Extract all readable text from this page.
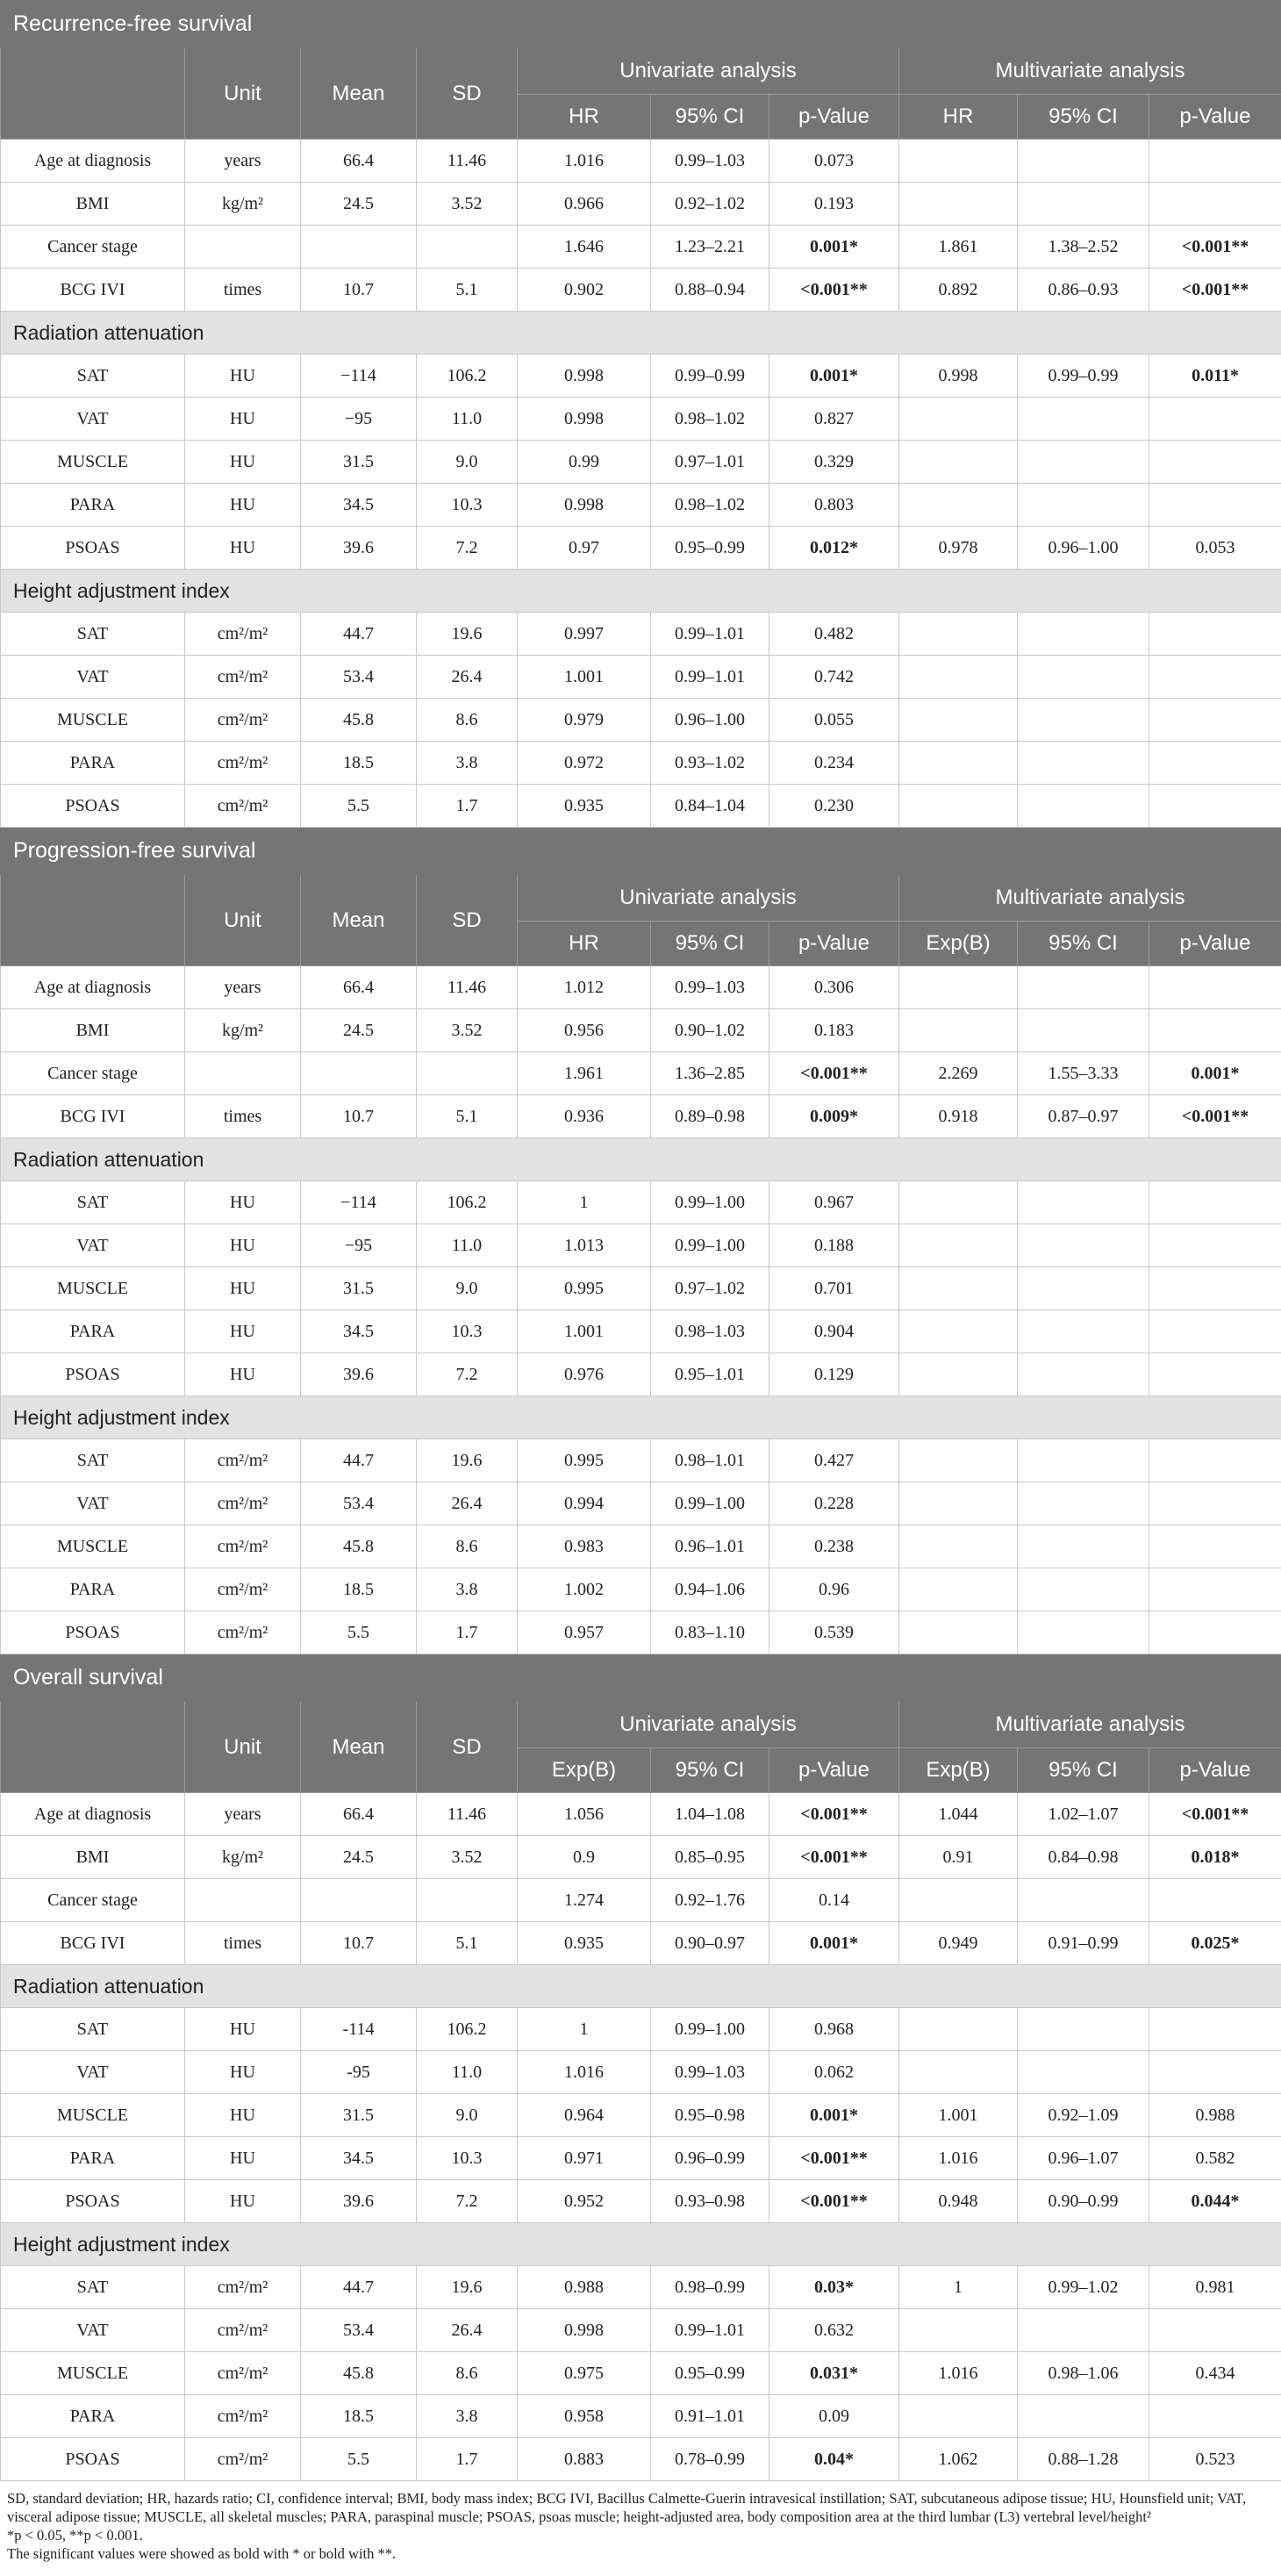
Recurrence-free survival									
	Unit	Mean	SD	Univariate analysis			Multivariate analysis		
				HR	95% CI	p-Value	HR	95% CI	p-Value
Age at diagnosis	years	66.4	11.46	1.016	0.99–1.03	0.073			
BMI	kg/m²	24.5	3.52	0.966	0.92–1.02	0.193			
Cancer stage				1.646	1.23–2.21	0.001*	1.861	1.38–2.52	<0.001**
BCG IVI	times	10.7	5.1	0.902	0.88–0.94	<0.001**	0.892	0.86–0.93	<0.001**
Radiation attenuation									
SAT	HU	−114	106.2	0.998	0.99–0.99	0.001*	0.998	0.99–0.99	0.011*
VAT	HU	−95	11.0	0.998	0.98–1.02	0.827			
MUSCLE	HU	31.5	9.0	0.99	0.97–1.01	0.329			
PARA	HU	34.5	10.3	0.998	0.98–1.02	0.803			
PSOAS	HU	39.6	7.2	0.97	0.95–0.99	0.012*	0.978	0.96–1.00	0.053
Height adjustment index									
SAT	cm²/m²	44.7	19.6	0.997	0.99–1.01	0.482			
VAT	cm²/m²	53.4	26.4	1.001	0.99–1.01	0.742			
MUSCLE	cm²/m²	45.8	8.6	0.979	0.96–1.00	0.055			
PARA	cm²/m²	18.5	3.8	0.972	0.93–1.02	0.234			
PSOAS	cm²/m²	5.5	1.7	0.935	0.84–1.04	0.230			
Progression-free survival									
	Unit	Mean	SD	Univariate analysis			Multivariate analysis		
				HR	95% CI	p-Value	Exp(B)	95% CI	p-Value
Age at diagnosis	years	66.4	11.46	1.012	0.99–1.03	0.306			
BMI	kg/m²	24.5	3.52	0.956	0.90–1.02	0.183			
Cancer stage				1.961	1.36–2.85	<0.001**	2.269	1.55–3.33	0.001*
BCG IVI	times	10.7	5.1	0.936	0.89–0.98	0.009*	0.918	0.87–0.97	<0.001**
Radiation attenuation									
SAT	HU	−114	106.2	1	0.99–1.00	0.967			
VAT	HU	−95	11.0	1.013	0.99–1.00	0.188			
MUSCLE	HU	31.5	9.0	0.995	0.97–1.02	0.701			
PARA	HU	34.5	10.3	1.001	0.98–1.03	0.904			
PSOAS	HU	39.6	7.2	0.976	0.95–1.01	0.129			
Height adjustment index									
SAT	cm²/m²	44.7	19.6	0.995	0.98–1.01	0.427			
VAT	cm²/m²	53.4	26.4	0.994	0.99–1.00	0.228			
MUSCLE	cm²/m²	45.8	8.6	0.983	0.96–1.01	0.238			
PARA	cm²/m²	18.5	3.8	1.002	0.94–1.06	0.96			
PSOAS	cm²/m²	5.5	1.7	0.957	0.83–1.10	0.539			
Overall survival									
	Unit	Mean	SD	Univariate analysis			Multivariate analysis		
				Exp(B)	95% CI	p-Value	Exp(B)	95% CI	p-Value
Age at diagnosis	years	66.4	11.46	1.056	1.04–1.08	<0.001**	1.044	1.02–1.07	<0.001**
BMI	kg/m²	24.5	3.52	0.9	0.85–0.95	<0.001**	0.91	0.84–0.98	0.018*
Cancer stage				1.274	0.92–1.76	0.14			
BCG IVI	times	10.7	5.1	0.935	0.90–0.97	0.001*	0.949	0.91–0.99	0.025*
Radiation attenuation									
SAT	HU	-114	106.2	1	0.99–1.00	0.968			
VAT	HU	-95	11.0	1.016	0.99–1.03	0.062			
MUSCLE	HU	31.5	9.0	0.964	0.95–0.98	0.001*	1.001	0.92–1.09	0.988
PARA	HU	34.5	10.3	0.971	0.96–0.99	<0.001**	1.016	0.96–1.07	0.582
PSOAS	HU	39.6	7.2	0.952	0.93–0.98	<0.001**	0.948	0.90–0.99	0.044*
Height adjustment index									
SAT	cm²/m²	44.7	19.6	0.988	0.98–0.99	0.03*	1	0.99–1.02	0.981
VAT	cm²/m²	53.4	26.4	0.998	0.99–1.01	0.632			
MUSCLE	cm²/m²	45.8	8.6	0.975	0.95–0.99	0.031*	1.016	0.98–1.06	0.434
PARA	cm²/m²	18.5	3.8	0.958	0.91–1.01	0.09			
PSOAS	cm²/m²	5.5	1.7	0.883	0.78–0.99	0.04*	1.062	0.88–1.28	0.523

SD, standard deviation; HR, hazards ratio; CI, confidence interval; BMI, body mass index; BCG IVI, Bacillus Calmette-Guerin intravesical instillation; SAT, subcutaneous adipose tissue; HU, Hounsfield unit; VAT, visceral adipose tissue; MUSCLE, all skeletal muscles; PARA, paraspinal muscle; PSOAS, psoas muscle; height-adjusted area, body composition area at the third lumbar (L3) vertebral level/height²

*p < 0.05, **p < 0.001.

The significant values were showed as bold with * or bold with **.
